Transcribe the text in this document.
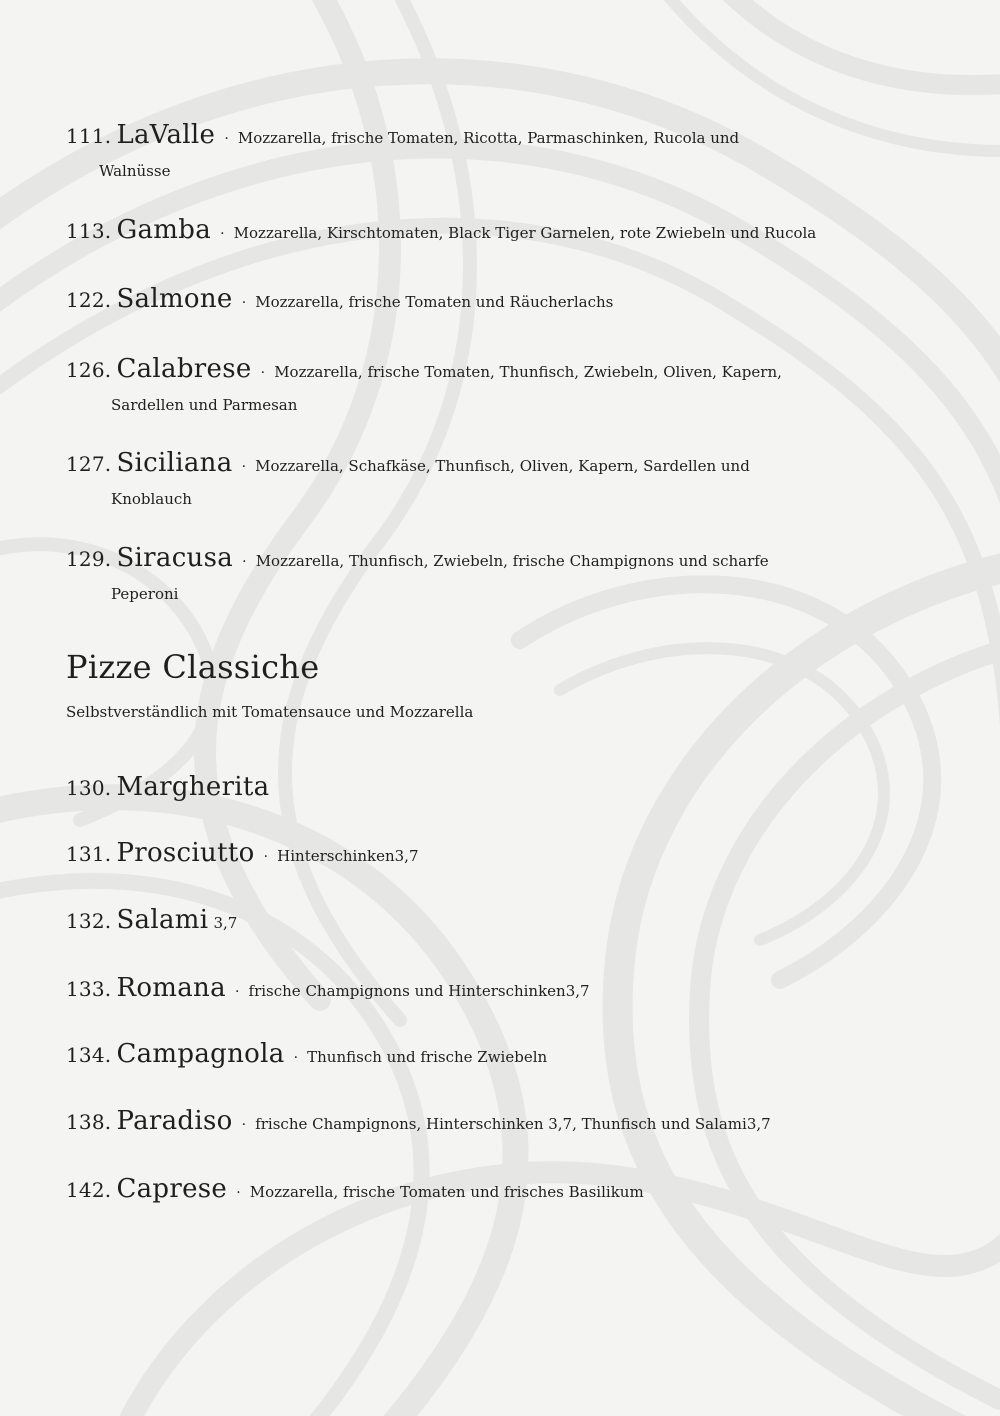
111. LaValle · Mozzarella, frische Tomaten, Ricotta, Parmaschinken, Rucola und
Walnüsse
113. Gamba · Mozzarella, Kirschtomaten, Black Tiger Garnelen, rote Zwiebeln und Rucola
122. Salmone · Mozzarella, frische Tomaten und Räucherlachs
126. Calabrese · Mozzarella, frische Tomaten, Thunfisch, Zwiebeln, Oliven, Kapern,
Sardellen und Parmesan
127. Siciliana · Mozzarella, Schafkäse, Thunfisch, Oliven, Kapern, Sardellen und
Knoblauch
129. Siracusa · Mozzarella, Thunfisch, Zwiebeln, frische Champignons und scharfe
Peperoni
Pizze Classiche

Selbstverständlich mit Tomatensauce und Mozzarella

130. Margherita
131. Prosciutto · Hinterschinken3,7
132. Salami 3,7
133. Romana · frische Champignons und Hinterschinken3,7
134. Campagnola · Thunfisch und frische Zwiebeln
138. Paradiso · frische Champignons, Hinterschinken 3,7, Thunfisch und Salami3,7
142. Caprese · Mozzarella, frische Tomaten und frisches Basilikum
